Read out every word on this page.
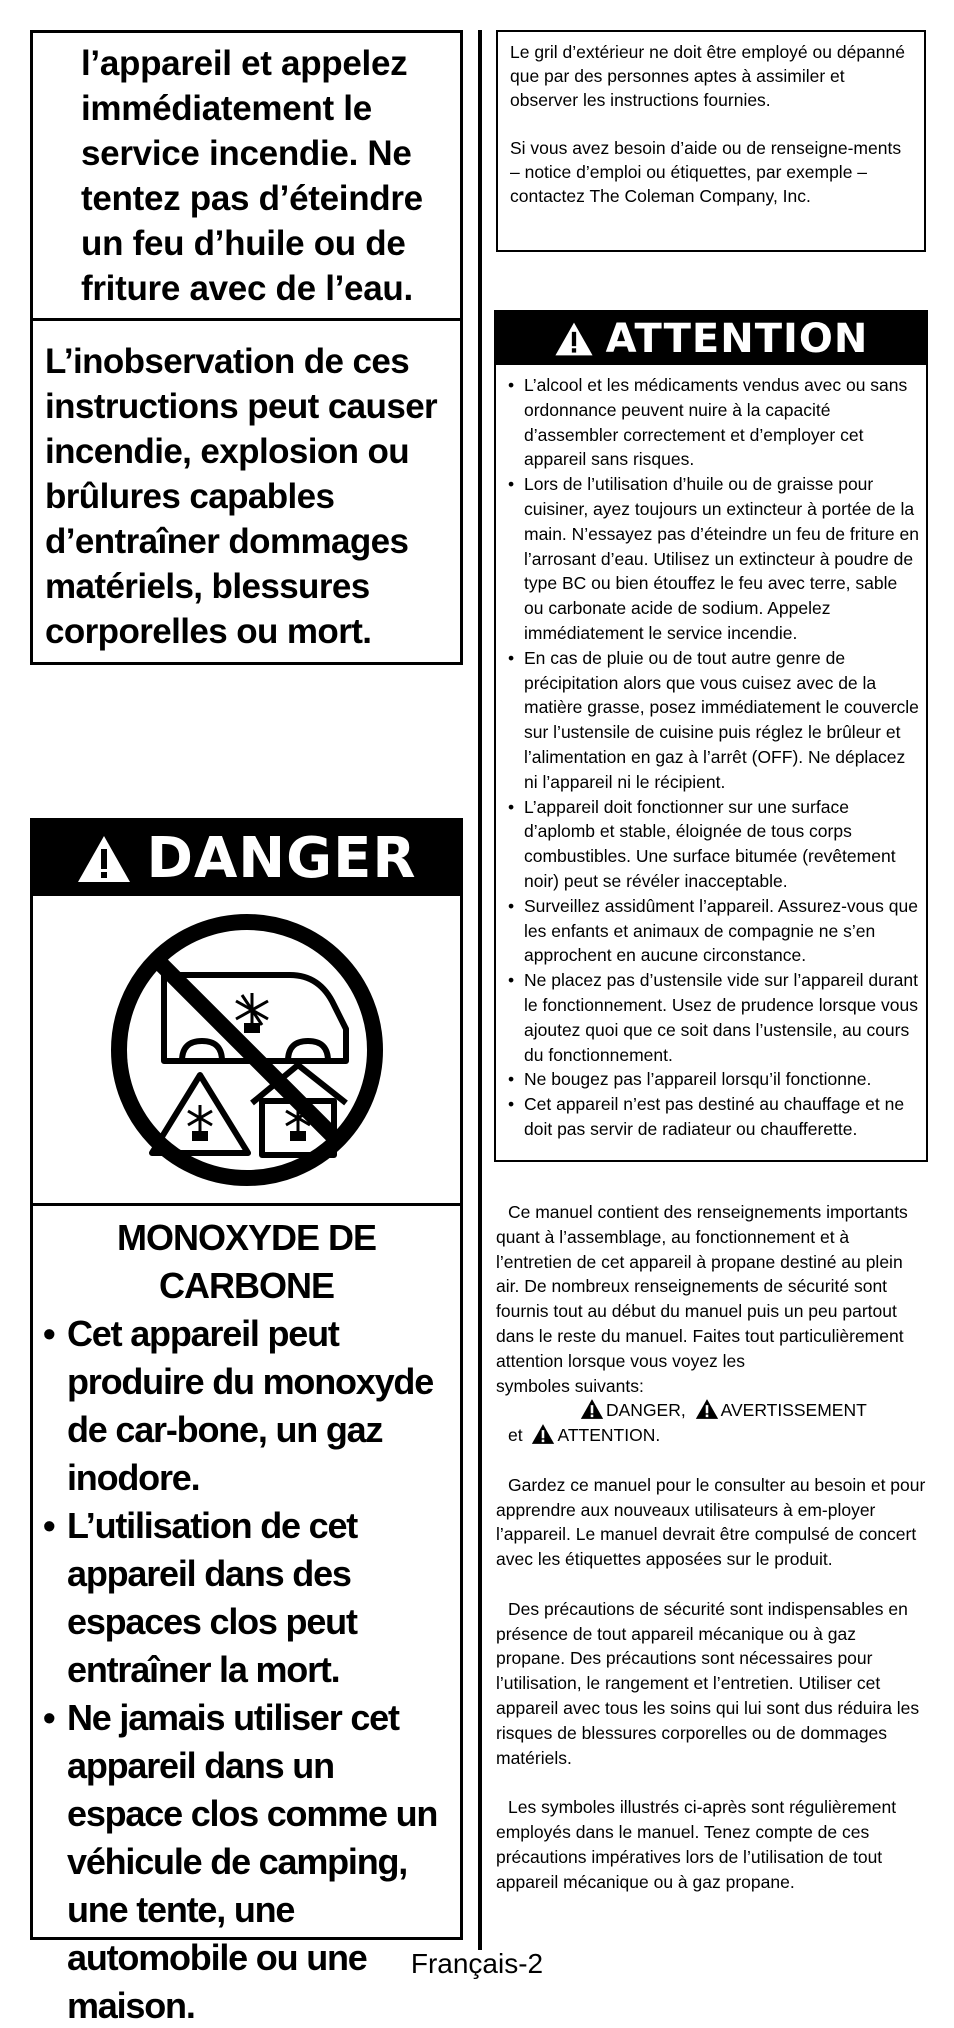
l’appareil et appelez immédiatement le service incendie. Ne tentez pas d’éteindre un feu d’huile ou de friture avec de l’eau.

L’inobservation de ces instructions peut causer incendie, explosion ou brûlures capables d’entraîner dommages matériels, blessures corporelles ou mort.

DANGER
MONOXYDE DE
CARBONE
• Cet appareil peut produire du monoxyde de car-bone, un gaz inodore.
• L’utilisation de cet appareil dans des espaces clos peut entraîner la mort.
• Ne jamais utiliser cet appareil dans un espace clos comme un véhicule de camping, une tente, une automobile ou une maison.

Le gril d’extérieur ne doit être employé ou dépanné que par des personnes aptes à assimiler et observer les instructions fournies.

Si vous avez besoin d’aide ou de renseigne-ments – notice d’emploi ou étiquettes, par exemple – contactez The Coleman Company, Inc.

ATTENTION
• L’alcool et les médicaments vendus avec ou sans ordonnance peuvent nuire à la capacité d’assembler correctement et d’employer cet appareil sans risques.
• Lors de l’utilisation d’huile ou de graisse pour cuisiner, ayez toujours un extincteur à portée de la main. N’essayez pas d’éteindre un feu de friture en l’arrosant d’eau. Utilisez un extincteur à poudre de type BC ou bien étouffez le feu avec terre, sable ou carbonate acide de sodium. Appelez immédiatement le service incendie.
• En cas de pluie ou de tout autre genre de précipitation alors que vous cuisez avec de la matière grasse, posez immédiatement le couvercle sur l’ustensile de cuisine puis réglez le brûleur et l’alimentation en gaz à l’arrêt (OFF). Ne déplacez ni l’appareil ni le récipient.
• L’appareil doit fonctionner sur une surface d’aplomb et stable, éloignée de tous corps combustibles. Une surface bitumée (revêtement noir) peut se révéler inacceptable.
• Surveillez assidûment l’appareil. Assurez-vous que les enfants et animaux de compagnie ne s’en approchent en aucune circonstance.
• Ne placez pas d’ustensile vide sur l’appareil durant le fonctionnement. Usez de prudence lorsque vous ajoutez quoi que ce soit dans l’ustensile, au cours du fonctionnement.
• Ne bougez pas l’appareil lorsqu’il fonctionne.
• Cet appareil n’est pas destiné au chauffage et ne doit pas servir de radiateur ou chaufferette.

Ce manuel contient des renseignements importants quant à l’assemblage, au fonctionnement et à l’entretien de cet appareil à propane destiné au plein air. De nombreux renseignements de sécurité sont fournis tout au début du manuel puis un peu partout dans le reste du manuel. Faites tout particulièrement attention lorsque vous voyez les
symboles suivants:
DANGER, AVERTISSEMENT
et ATTENTION.

Gardez ce manuel pour le consulter au besoin et pour apprendre aux nouveaux utilisateurs à em-ployer l’appareil. Le manuel devrait être compulsé de concert avec les étiquettes apposées sur le produit.

Des précautions de sécurité sont indispensables en présence de tout appareil mécanique ou à gaz propane. Des précautions sont nécessaires pour l’utilisation, le rangement et l’entretien. Utiliser cet appareil avec tous les soins qui lui sont dus réduira les risques de blessures corporelles ou de dommages matériels.

Les symboles illustrés ci-après sont régulièrement employés dans le manuel. Tenez compte de ces précautions impératives lors de l’utilisation de tout appareil mécanique ou à gaz propane.

Français-2
